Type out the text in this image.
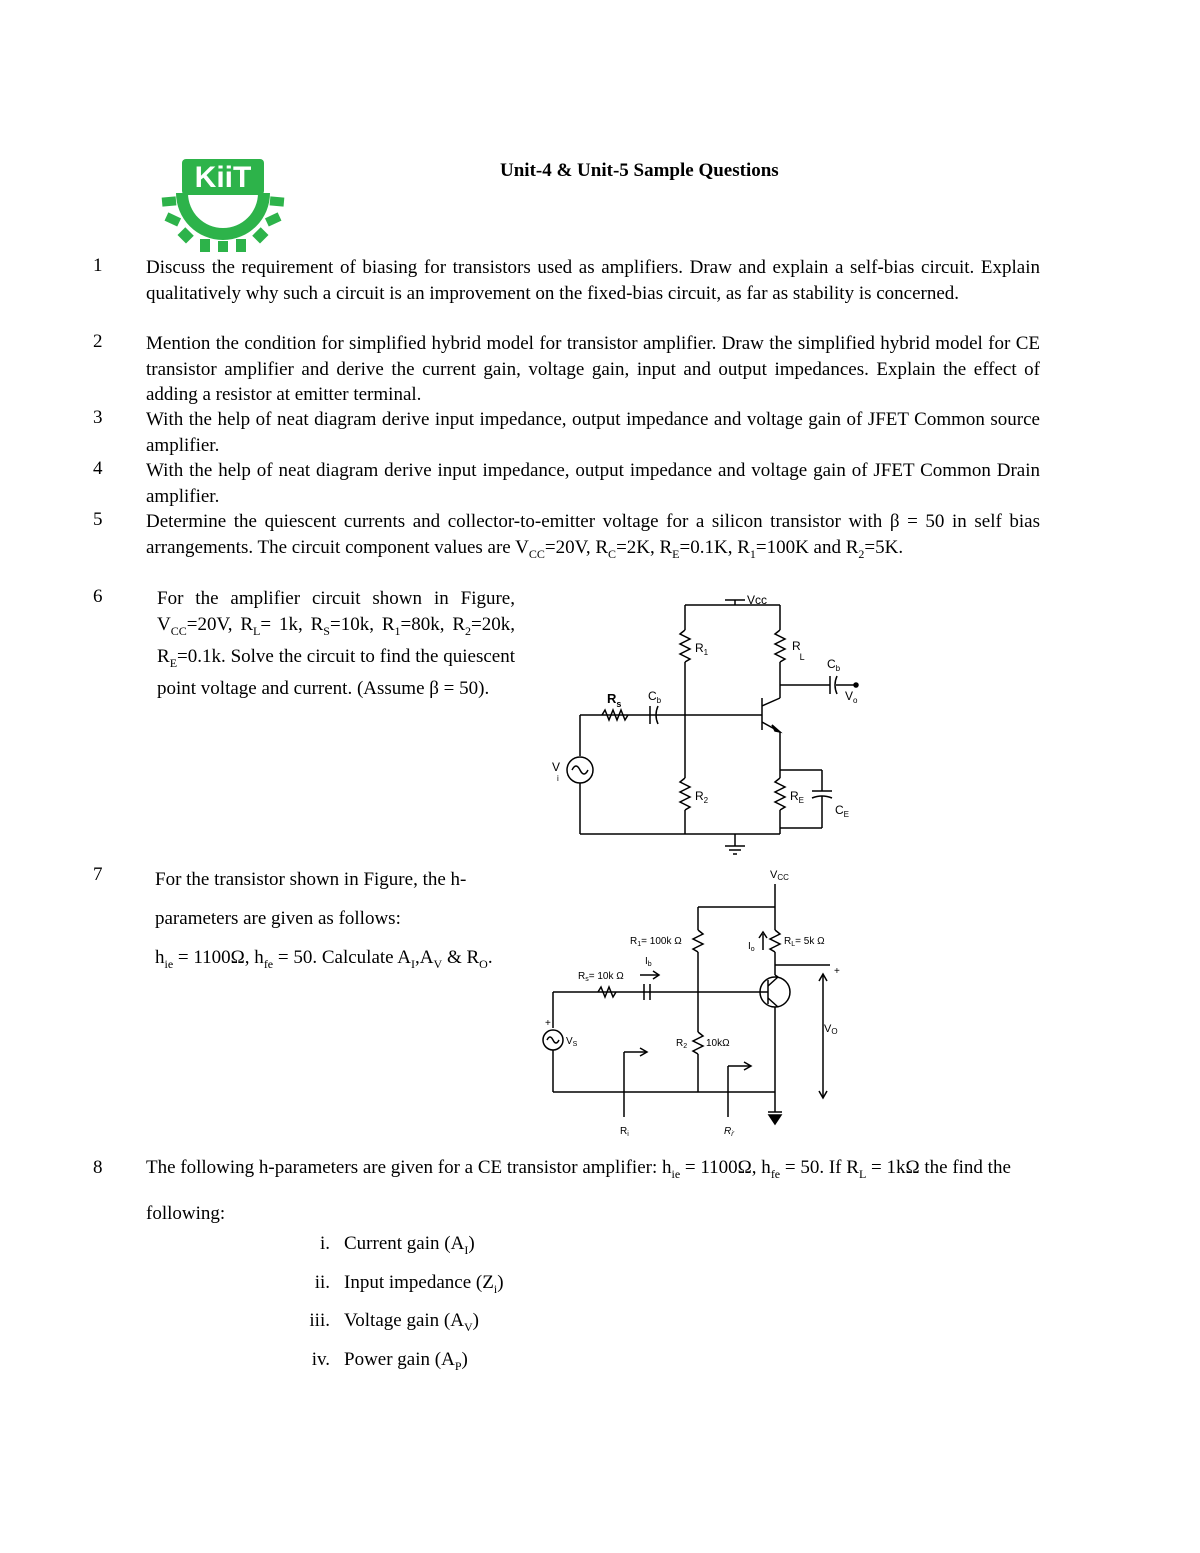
KiiT	Unit-4 & Unit-5 Sample Questions
1 Discuss the requirement of biasing for transistors used as amplifiers. Draw and explain a self-bias circuit. Explain qualitatively why such a circuit is an improvement on the fixed-bias circuit, as far as stability is concerned.
2 Mention the condition for simplified hybrid model for transistor amplifier. Draw the simplified hybrid model for CE transistor amplifier and derive the current gain, voltage gain, input and output impedances. Explain the effect of adding a resistor at emitter terminal.
3 With the help of neat diagram derive input impedance, output impedance and voltage gain of JFET Common source amplifier.
4 With the help of neat diagram derive input impedance, output impedance and voltage gain of JFET Common Drain amplifier.
5 Determine the quiescent currents and collector-to-emitter voltage for a silicon transistor with β = 50 in self bias arrangements. The circuit component values are $V_{CC}=20V$, $R_C=2K$, $R_E=0.1K$, $R_1=100K$ and $R_2=5K$.
6	For the amplifier circuit shown in Figure, $V_{CC}=20V$, $R_L= 1k$, $R_S=10k$, $R_1=80k$, $R_2=20k$, $R_E=0.1k$. Solve the circuit to find the quiescent point voltage and current. (Assume β = 50).
Vcc
$R_1$	RL $C_b$
$V_o$
$R_s$
$C_b$
V i
$R_2$	$R_E$
$C_E$
7	For the transistor shown in Figure, the h-parameters are given as follows:
$h_{ie} = 1100\Omega$, $h_{fe} = 50$. Calculate $A_I,A_V$ & $R_O$.
VCC
$R_1= 100k$ Ω	$R_L= 5k$ Ω
$I_o$
+
VO
$R_s= 10k$ Ω
$I_b$
+
$V_S$	$R_2$ 10kΩ
$R_i$	$R_{i'}$
8 The following h-parameters are given for a CE transistor amplifier: $h_{ie} = 1100\Omega$, $h_{fe} = 50$. If $R_L = 1k\Omega$ the find the following:
i. Current gain $(A_I)$
ii. Input impedance $(Z_i)$
iii. Voltage gain $(A_V)$
iv. Power gain $(A_P)$
